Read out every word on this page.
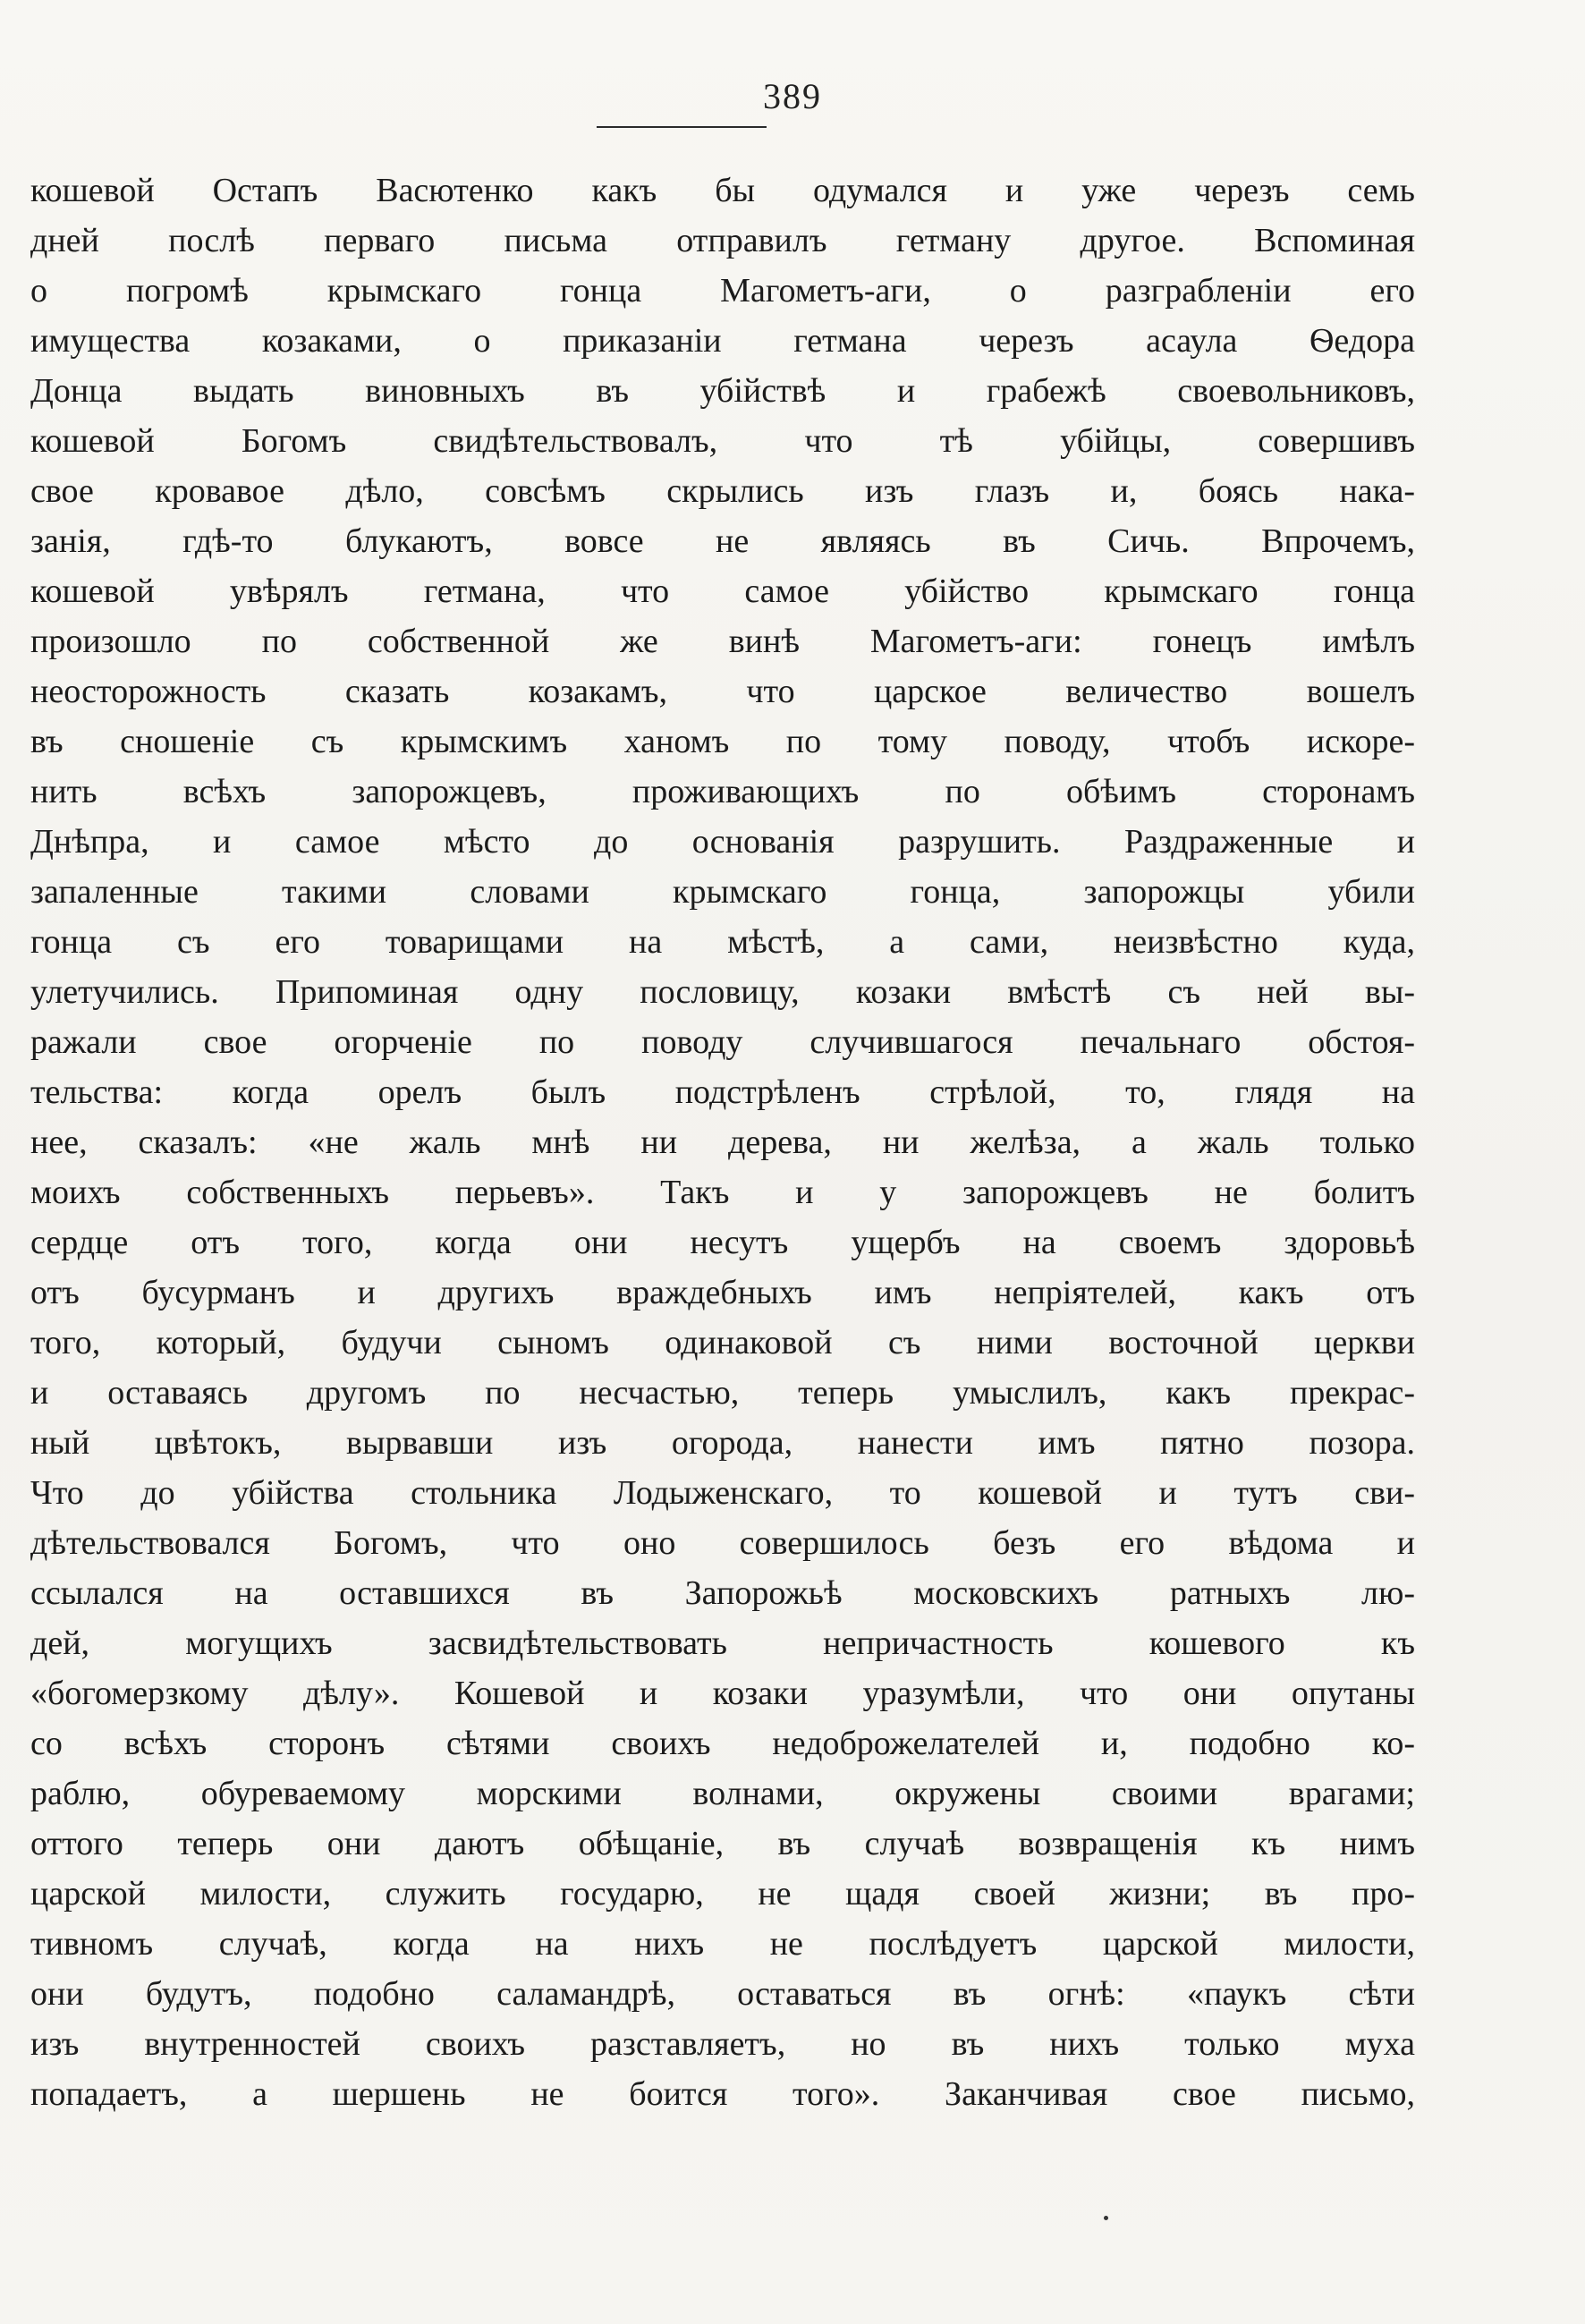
389
кошевой Остапъ Васютенко какъ бы одумался и уже черезъ семь
дней послѣ перваго письма отправилъ гетману другое. Вспоминая
о погромѣ крымскаго гонца Магометъ-аги, о разграбленіи его
имущества козаками, о приказаніи гетмана черезъ асаула Ѳедора
Донца выдать виновныхъ въ убійствѣ и грабежѣ своевольниковъ,
кошевой Богомъ свидѣтельствовалъ, что тѣ убійцы, совершивъ
свое кровавое дѣло, совсѣмъ скрылись изъ глазъ и, боясь нака-
занія, гдѣ-то блукаютъ, вовсе не являясь въ Сичь. Впрочемъ,
кошевой увѣрялъ гетмана, что самое убійство крымскаго гонца
произошло по собственной же винѣ Магометъ-аги: гонецъ имѣлъ
неосторожность сказать козакамъ, что царское величество вошелъ
въ сношеніе съ крымскимъ ханомъ по тому поводу, чтобъ искоре-
нить всѣхъ запорожцевъ, проживающихъ по обѣимъ сторонамъ
Днѣпра, и самое мѣсто до основанія разрушить. Раздраженные и
запаленные такими словами крымскаго гонца, запорожцы убили
гонца съ его товарищами на мѣстѣ, а сами, неизвѣстно куда,
улетучились. Припоминая одну пословицу, козаки вмѣстѣ съ ней вы-
ражали свое огорченіе по поводу случившагося печальнаго обстоя-
тельства: когда орелъ былъ подстрѣленъ стрѣлой, то, глядя на
нее, сказалъ: «не жаль мнѣ ни дерева, ни желѣза, а жаль только
моихъ собственныхъ перьевъ». Такъ и у запорожцевъ не болитъ
сердце отъ того, когда они несутъ ущербъ на своемъ здоровьѣ
отъ бусурманъ и другихъ враждебныхъ имъ непріятелей, какъ отъ
того, который, будучи сыномъ одинаковой съ ними восточной церкви
и оставаясь другомъ по несчастью, теперь умыслилъ, какъ прекрас-
ный цвѣтокъ, вырвавши изъ огорода, нанести имъ пятно позора.
Что до убійства стольника Лодыженскаго, то кошевой и тутъ сви-
дѣтельствовался Богомъ, что оно совершилось безъ его вѣдома и
ссылался на оставшихся въ Запорожьѣ московскихъ ратныхъ лю-
дей, могущихъ засвидѣтельствовать непричастность кошевого къ
«богомерзкому дѣлу». Кошевой и козаки уразумѣли, что они опутаны
со всѣхъ сторонъ сѣтями своихъ недоброжелателей и, подобно ко-
раблю, обуреваемому морскими волнами, окружены своими врагами;
оттого теперь они даютъ обѣщаніе, въ случаѣ возвращенія къ нимъ
царской милости, служить государю, не щадя своей жизни; въ про-
тивномъ случаѣ, когда на нихъ не послѣдуетъ царской милости,
они будутъ, подобно саламандрѣ, оставаться въ огнѣ: «паукъ сѣти
изъ внутренностей своихъ разставляетъ, но въ нихъ только муха
попадаетъ, а шершень не боится того». Заканчивая свое письмо,
